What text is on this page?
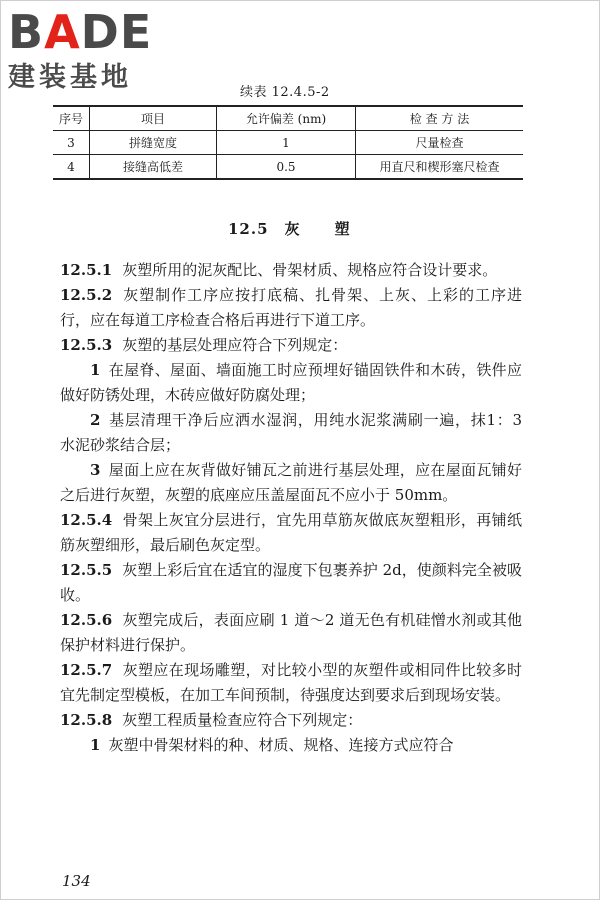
BADE
建装基地	续表 12.4.5-2
序号	项目	允许偏差 (nm)	检 查 方 法
3	拼缝宽度	1	尺量检查
4	接缝高低差	0.5	用直尺和楔形塞尺检查
12.5 灰 塑

12.5.1 灰塑所用的泥灰配比、骨架材质、规格应符合设计要求。

12.5.2 灰塑制作工序应按打底稿、扎骨架、上灰、上彩的工序进行，应在每道工序检查合格后再进行下道工序。

12.5.3 灰塑的基层处理应符合下列规定：

1 在屋脊、屋面、墙面施工时应预埋好锚固铁件和木砖，铁件应做好防锈处理，木砖应做好防腐处理；

2 基层清理干净后应洒水湿润，用纯水泥浆满刷一遍，抹1：3 水泥砂浆结合层；

3 屋面上应在灰背做好铺瓦之前进行基层处理，应在屋面瓦铺好之后进行灰塑，灰塑的底座应压盖屋面瓦不应小于 50mm。

12.5.4 骨架上灰宜分层进行，宜先用草筋灰做底灰塑粗形，再铺纸筋灰塑细形，最后刷色灰定型。

12.5.5 灰塑上彩后宜在适宜的湿度下包裹养护 2d，使颜料完全被吸收。

12.5.6 灰塑完成后，表面应刷 1 道～2 道无色有机硅憎水剂或其他保护材料进行保护。

12.5.7 灰塑应在现场雕塑，对比较小型的灰塑件或相同件比较多时宜先制定型模板，在加工车间预制，待强度达到要求后到现场安装。

12.5.8 灰塑工程质量检查应符合下列规定：

1 灰塑中骨架材料的种、材质、规格、连接方式应符合

134
